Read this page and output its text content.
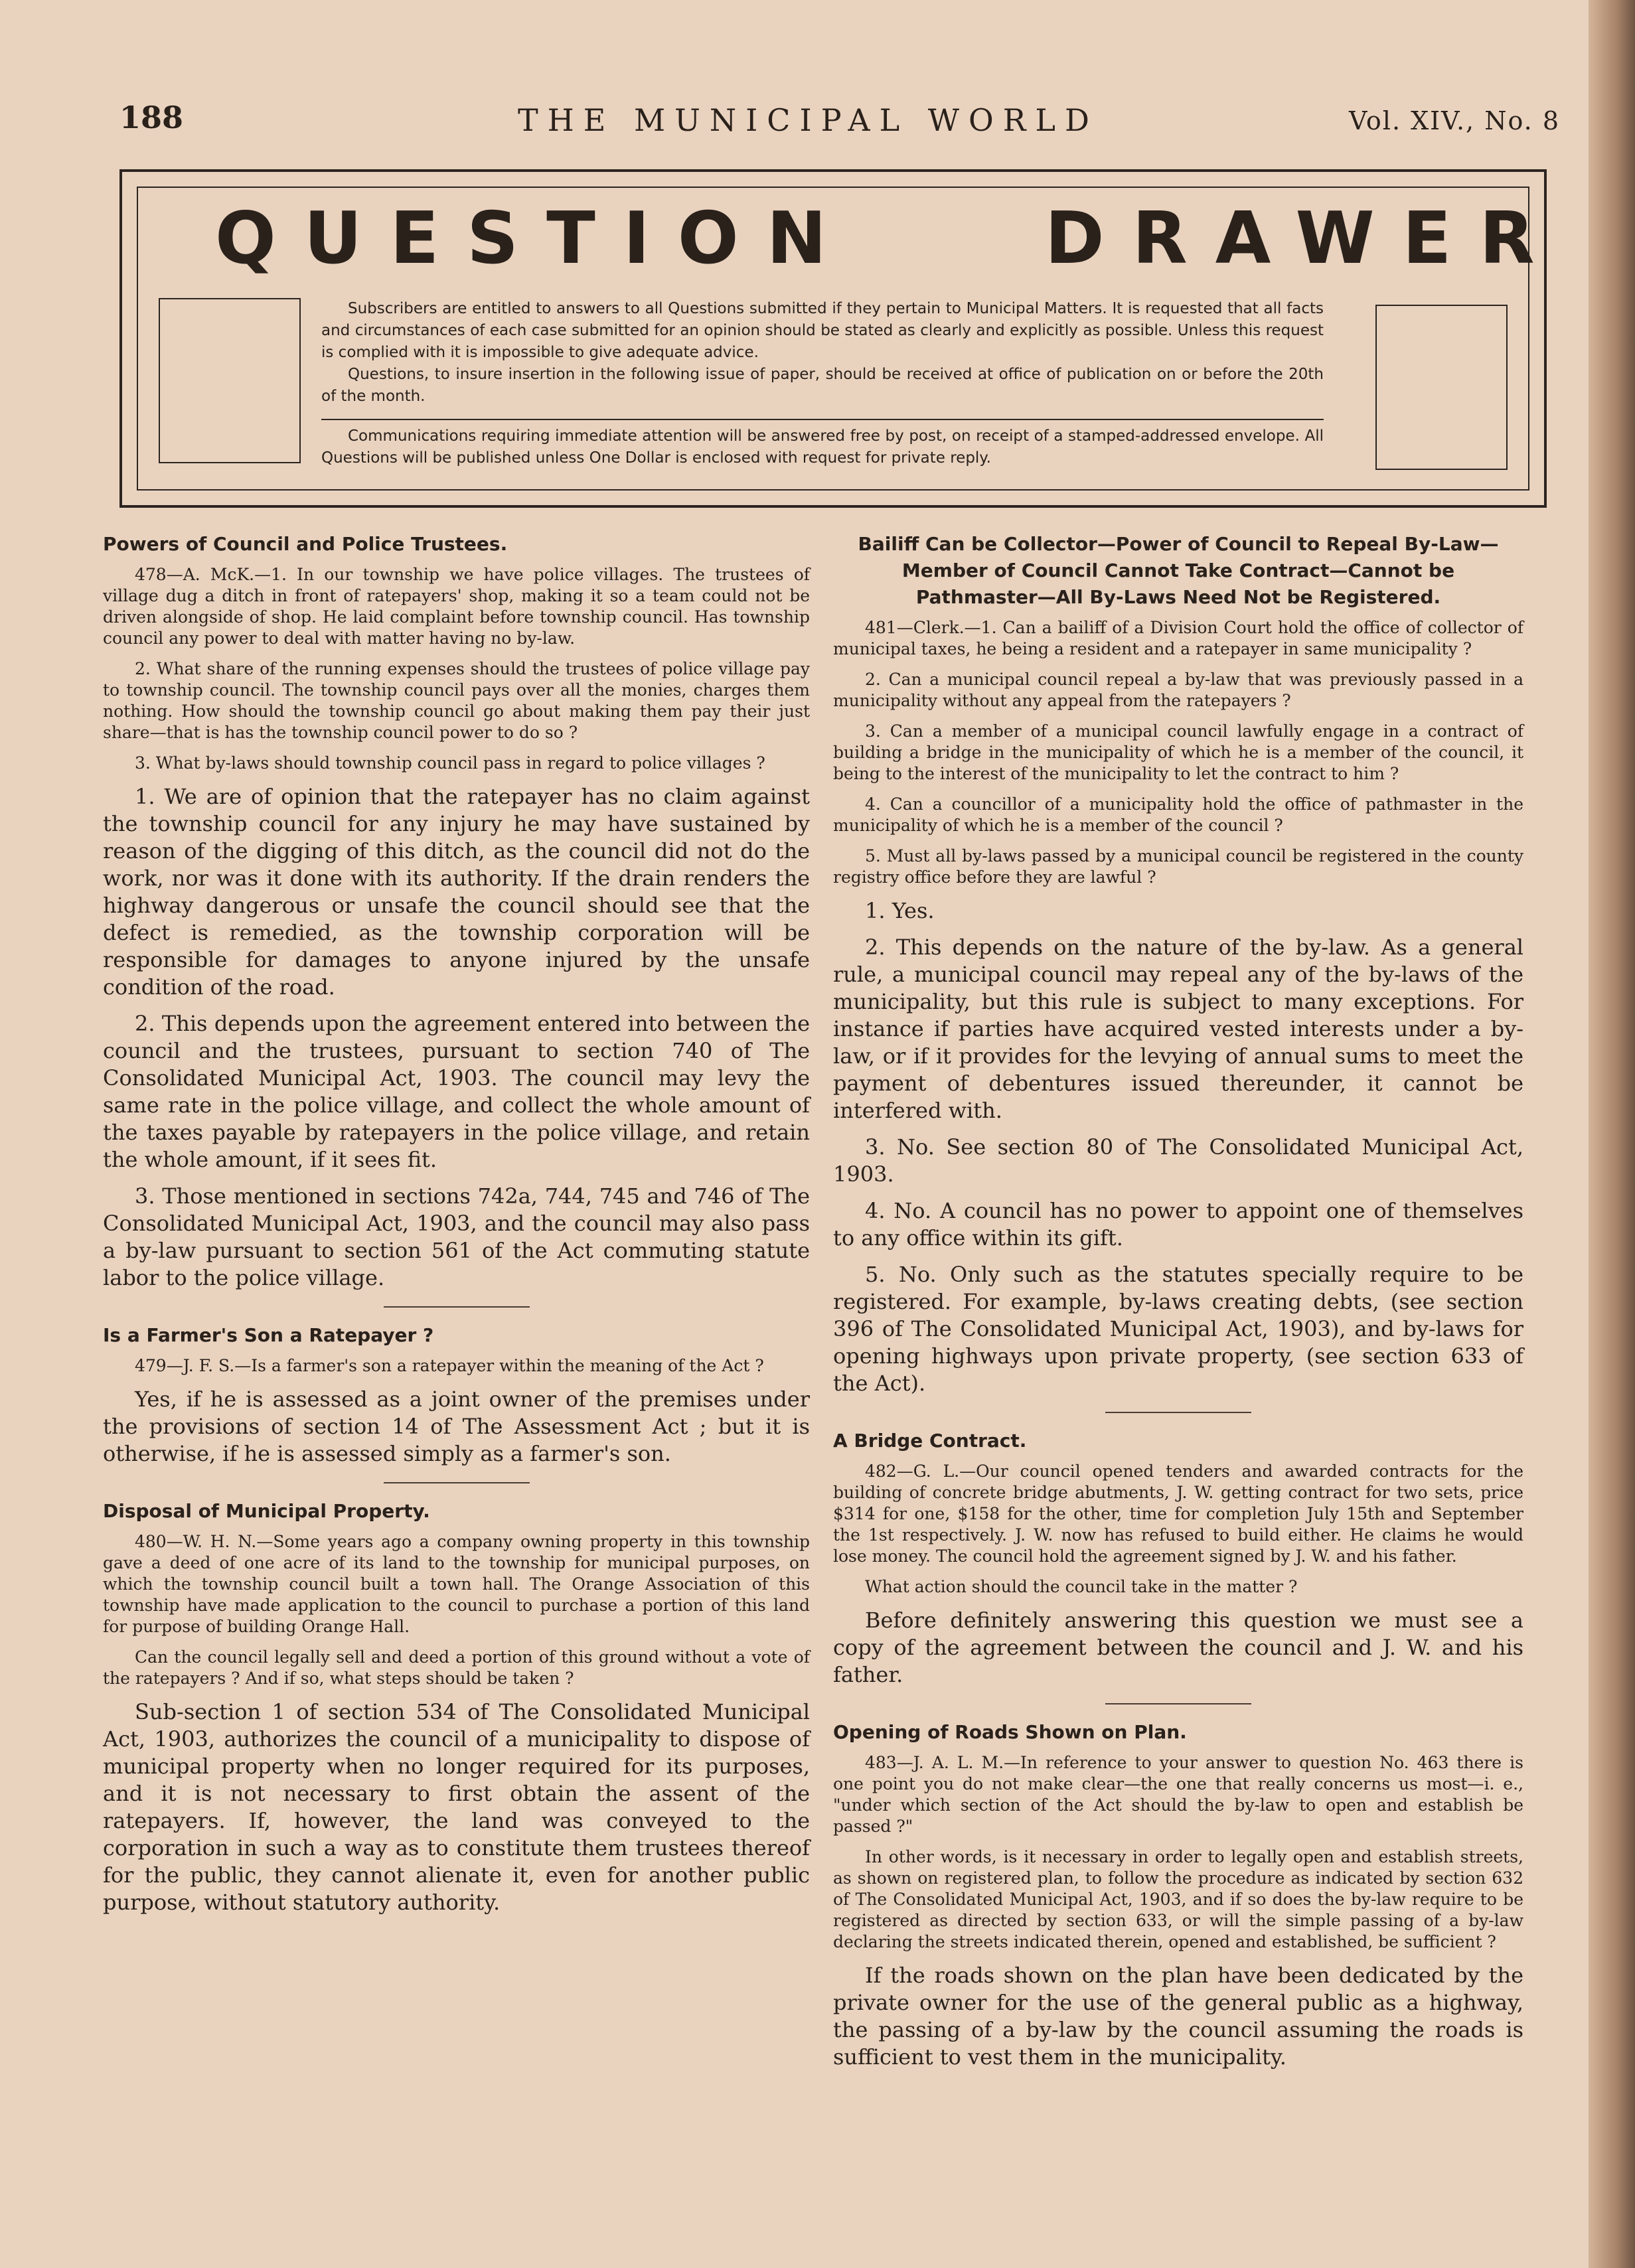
188	THE MUNICIPAL WORLD	Vol. XIV., No. 8
QUESTION	DRAWER
Subscribers are entitled to answers to all Questions submitted if they pertain to Municipal Matters. It is requested that all facts and circumstances of each case submitted for an opinion should be stated as clearly and explicitly as possible. Unless this request is complied with it is impossible to give adequate advice.
Questions, to insure insertion in the following issue of paper, should be received at office of publication on or before the 20th of the month.
Communications requiring immediate attention will be answered free by post, on receipt of a stamped-addressed envelope. All Questions will be published unless One Dollar is enclosed with request for private reply.
Powers of Council and Police Trustees.

478—A. McK.—1. In our township we have police villages. The trustees of village dug a ditch in front of ratepayers' shop, making it so a team could not be driven alongside of shop. He laid complaint before township council. Has township council any power to deal with matter having no by-law.

2. What share of the running expenses should the trustees of police village pay to township council. The township council pays over all the monies, charges them nothing. How should the township council go about making them pay their just share—that is has the township council power to do so ?

3. What by-laws should township council pass in regard to police villages ?

1. We are of opinion that the ratepayer has no claim against the township council for any injury he may have sustained by reason of the digging of this ditch, as the council did not do the work, nor was it done with its authority. If the drain renders the highway dangerous or unsafe the council should see that the defect is remedied, as the township corporation will be responsible for damages to anyone injured by the unsafe condition of the road.

2. This depends upon the agreement entered into between the council and the trustees, pursuant to section 740 of The Consolidated Municipal Act, 1903. The council may levy the same rate in the police village, and collect the whole amount of the taxes payable by ratepayers in the police village, and retain the whole amount, if it sees fit.

3. Those mentioned in sections 742a, 744, 745 and 746 of The Consolidated Municipal Act, 1903, and the council may also pass a by-law pursuant to section 561 of the Act commuting statute labor to the police village.

Is a Farmer's Son a Ratepayer ?

479—J. F. S.—Is a farmer's son a ratepayer within the meaning of the Act ?

Yes, if he is assessed as a joint owner of the premises under the provisions of section 14 of The Assessment Act ; but it is otherwise, if he is assessed simply as a farmer's son.

Disposal of Municipal Property.

480—W. H. N.—Some years ago a company owning property in this township gave a deed of one acre of its land to the township for municipal purposes, on which the township council built a town hall. The Orange Association of this township have made application to the council to purchase a portion of this land for purpose of building Orange Hall.

Can the council legally sell and deed a portion of this ground without a vote of the ratepayers ? And if so, what steps should be taken ?

Sub-section 1 of section 534 of The Consolidated Municipal Act, 1903, authorizes the council of a municipality to dispose of municipal property when no longer required for its purposes, and it is not necessary to first obtain the assent of the ratepayers. If, however, the land was conveyed to the corporation in such a way as to constitute them trustees thereof for the public, they cannot alienate it, even for another public purpose, without statutory authority.

Bailiff Can be Collector—Power of Council to Repeal By-Law—Member of Council Cannot Take Contract—Cannot be Pathmaster—All By-Laws Need Not be Registered.

481—Clerk.—1. Can a bailiff of a Division Court hold the office of collector of municipal taxes, he being a resident and a ratepayer in same municipality ?

2. Can a municipal council repeal a by-law that was previously passed in a municipality without any appeal from the ratepayers ?

3. Can a member of a municipal council lawfully engage in a contract of building a bridge in the municipality of which he is a member of the council, it being to the interest of the municipality to let the contract to him ?

4. Can a councillor of a municipality hold the office of pathmaster in the municipality of which he is a member of the council ?

5. Must all by-laws passed by a municipal council be registered in the county registry office before they are lawful ?

1. Yes.

2. This depends on the nature of the by-law. As a general rule, a municipal council may repeal any of the by-laws of the municipality, but this rule is subject to many exceptions. For instance if parties have acquired vested interests under a by-law, or if it provides for the levying of annual sums to meet the payment of debentures issued thereunder, it cannot be interfered with.

3. No. See section 80 of The Consolidated Municipal Act, 1903.

4. No. A council has no power to appoint one of themselves to any office within its gift.

5. No. Only such as the statutes specially require to be registered. For example, by-laws creating debts, (see section 396 of The Consolidated Municipal Act, 1903), and by-laws for opening highways upon private property, (see section 633 of the Act).

A Bridge Contract.

482—G. L.—Our council opened tenders and awarded contracts for the building of concrete bridge abutments, J. W. getting contract for two sets, price $314 for one, $158 for the other, time for completion July 15th and September the 1st respectively. J. W. now has refused to build either. He claims he would lose money. The council hold the agreement signed by J. W. and his father.

What action should the council take in the matter ?

Before definitely answering this question we must see a copy of the agreement between the council and J. W. and his father.

Opening of Roads Shown on Plan.

483—J. A. L. M.—In reference to your answer to question No. 463 there is one point you do not make clear—the one that really concerns us most—i. e., "under which section of the Act should the by-law to open and establish be passed ?"

In other words, is it necessary in order to legally open and establish streets, as shown on registered plan, to follow the procedure as indicated by section 632 of The Consolidated Municipal Act, 1903, and if so does the by-law require to be registered as directed by section 633, or will the simple passing of a by-law declaring the streets indicated therein, opened and established, be sufficient ?

If the roads shown on the plan have been dedicated by the private owner for the use of the general public as a highway, the passing of a by-law by the council assuming the roads is sufficient to vest them in the municipality.
